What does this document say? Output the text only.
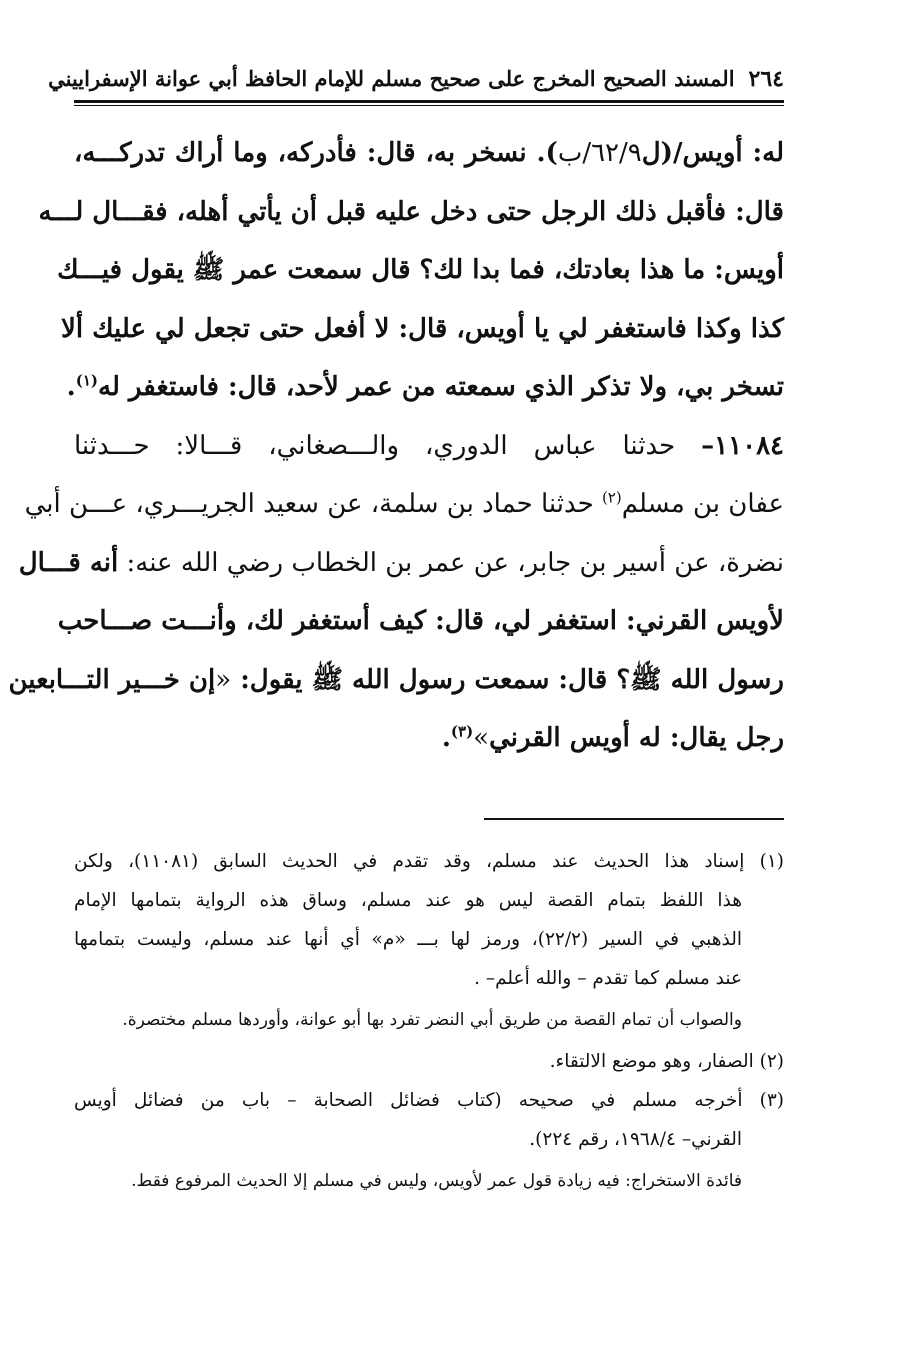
٢٦٤
المسند الصحيح المخرج على صحيح مسلم للإمام الحافظ أبي عوانة الإسفراييني
له: أويس/(ل٦٢/٩/ب). نسخر به، قال: فأدركه، وما أراك تدركـــه،
قال: فأقبل ذلك الرجل حتى دخل عليه قبل أن يأتي أهله، فقـــال لـــه
أويس: ما هذا بعادتك، فما بدا لك؟ قال سمعت عمر ﷺ يقول فيـــك
كذا وكذا فاستغفر لي يا أويس، قال: لا أفعل حتى تجعل لي عليك ألا
تسخر بي، ولا تذكر الذي سمعته من عمر لأحد، قال: فاستغفر له$^{(١)}$.
١١٠٨٤– حدثنا عباس الدوري، والـــصغاني، قـــالا: حـــدثنا
عفان بن مسلم$^{(٢)}$ حدثنا حماد بن سلمة، عن سعيد الجريـــري، عـــن أبي
نضرة، عن أسير بن جابر، عن عمر بن الخطاب رضي الله عنه: أنه قـــال
لأويس القرني: استغفر لي، قال: كيف أستغفر لك، وأنـــت صـــاحب
رسول الله ﷺ؟ قال: سمعت رسول الله ﷺ يقول: «إن خـــير التـــابعين
رجل يقال: له أويس القرني»$^{(٣)}$.
(١) إسناد هذا الحديث عند مسلم، وقد تقدم في الحديث السابق (١١٠٨١)، ولكن
هذا اللفظ بتمام القصة ليس هو عند مسلم، وساق هذه الرواية بتمامها الإمام
الذهبي في السير (٢٢/٢)، ورمز لها بـــ «م» أي أنها عند مسلم، وليست بتمامها
عند مسلم كما تقدم – والله أعلم– .
والصواب أن تمام القصة من طريق أبي النضر تفرد بها أبو عوانة، وأوردها مسلم مختصرة.
(٢) الصفار، وهو موضع الالتقاء.
(٣) أخرجه مسلم في صحيحه (كتاب فضائل الصحابة – باب من فضائل أويس
القرني– ١٩٦٨/٤، رقم ٢٢٤).
فائدة الاستخراج: فيه زيادة قول عمر لأويس، وليس في مسلم إلا الحديث المرفوع فقط.
